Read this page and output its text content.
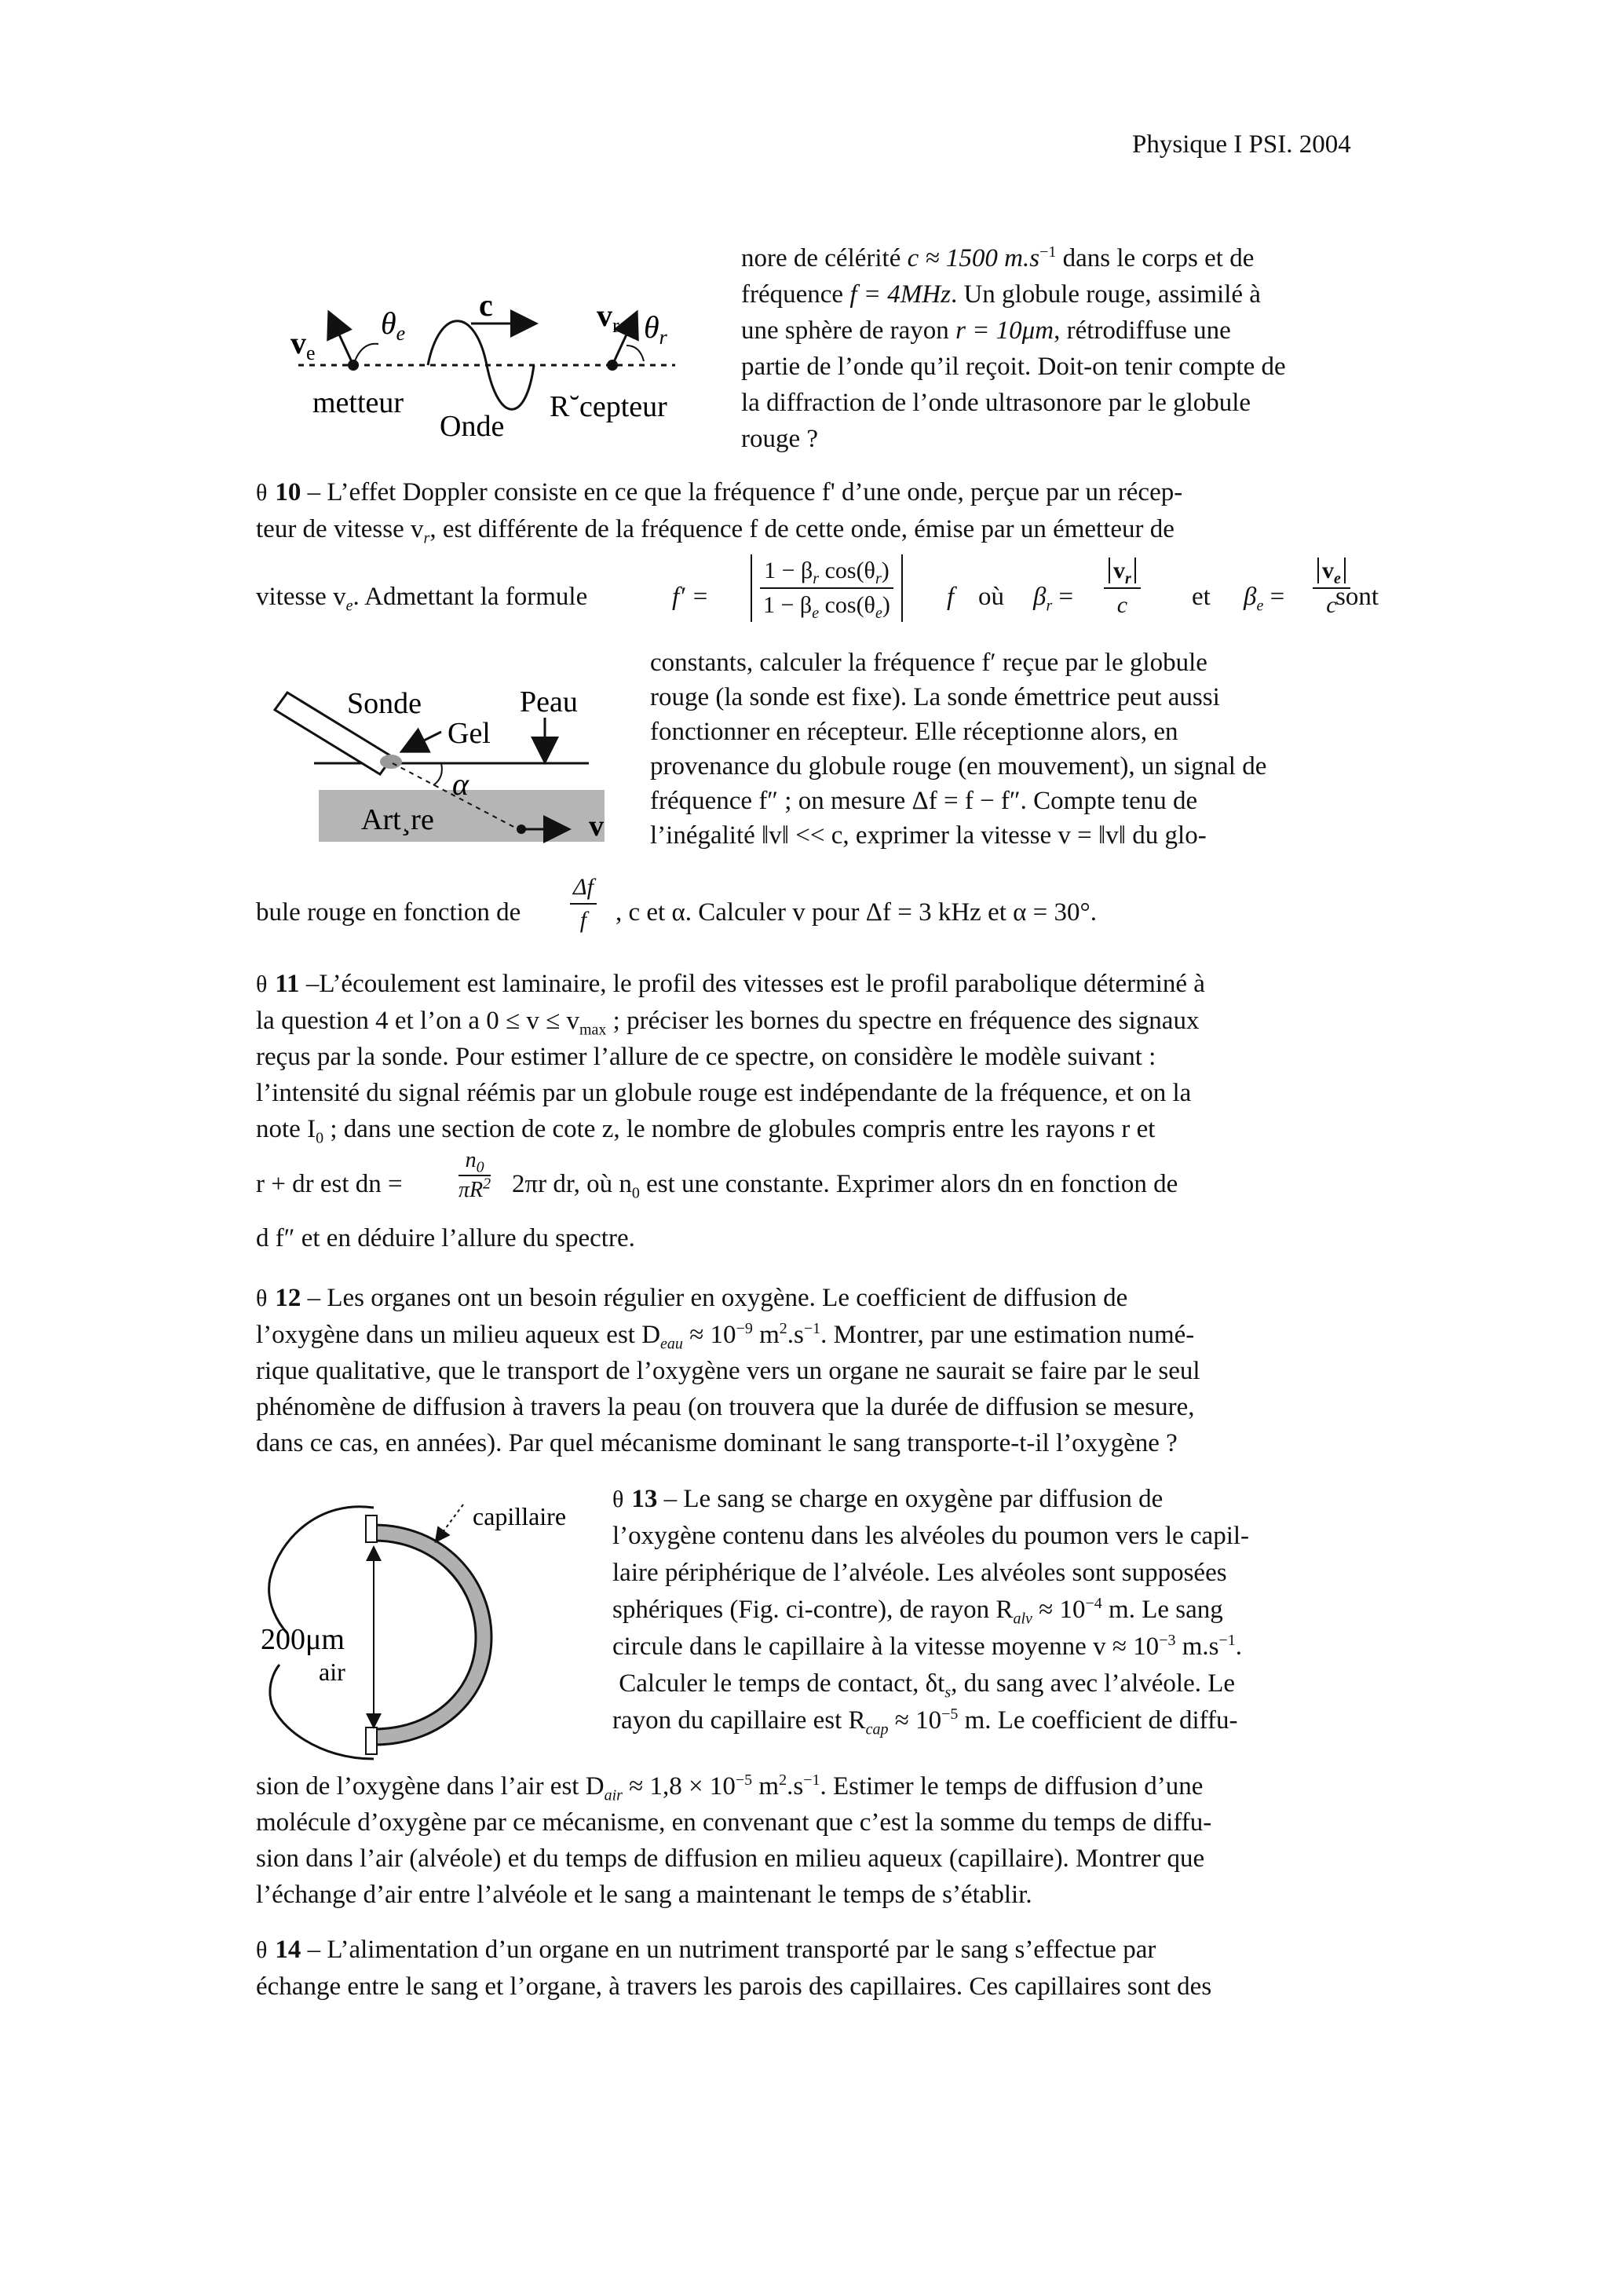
Physique I PSI. 2004
$v_e$
$\theta_e$
c	$v_r$ $\theta_r$
metteur
Onde
R˘cepteur
nore de célérité c ≈ 1500 $m.s^{-1}$ dans le corps et de
fréquence f = 4MHz. Un globule rouge, assimilé à
une sphère de rayon r = 10μm, rétrodiffuse une
partie de l’onde qu’il reçoit. Doit-on tenir compte de
la diffraction de l’onde ultrasonore par le globule
rouge ?
θ 10 – L’effet Doppler consiste en ce que la fréquence f' d’une onde, perçue par un récep-
teur de vitesse $v_r$, est différente de la fréquence f de cette onde, émise par un émetteur de
vitesse $v_e$. Admettant la formule	f′ =
$1 - \beta_r$ $\cos(\theta_r)$
$1 - \beta_e$ $\cos(\theta_e)$ f où $\beta_r$ =
$v_r$
c	et $\beta_e$ =
$v_e$
c
sont
Sonde	Peau
Gel
α
Art¸re	v
constants, calculer la fréquence f′ reçue par le globule
rouge (la sonde est fixe). La sonde émettrice peut aussi
fonctionner en récepteur. Elle réceptionne alors, en
provenance du globule rouge (en mouvement), un signal de
fréquence f″ ; on mesure Δf = f − f″. Compte tenu de
l’inégalité ‖v‖ << c, exprimer la vitesse v = ‖v‖ du glo-
bule rouge en fonction de
Δf
f	, c et α. Calculer v pour Δf = 3 kHz et α = 30°.
θ 11 –L’écoulement est laminaire, le profil des vitesses est le profil parabolique déterminé à
la question 4 et l’on a $0 \le v \le v_{max}$ ; préciser les bornes du spectre en fréquence des signaux
reçus par la sonde. Pour estimer l’allure de ce spectre, on considère le modèle suivant :
l’intensité du signal réémis par un globule rouge est indépendante de la fréquence, et on la
note $I_0$ ; dans une section de cote z, le nombre de globules compris entre les rayons r et
r + dr est dn =
$n_0$
$\pi R^2$ 2πr dr, où $n_0$ est une constante. Exprimer alors dn en fonction de
d f″ et en déduire l’allure du spectre.
θ 12 – Les organes ont un besoin régulier en oxygène. Le coefficient de diffusion de
l’oxygène dans un milieu aqueux est $D_{eau} \approx 10^{-9}$ $m^2.s^{-1}$. Montrer, par une estimation numé-
rique qualitative, que le transport de l’oxygène vers un organe ne saurait se faire par le seul
phénomène de diffusion à travers la peau (on trouvera que la durée de diffusion se mesure,
dans ce cas, en années). Par quel mécanisme dominant le sang transporte-t-il l’oxygène ?
capillaire
200μm
air
θ 13 – Le sang se charge en oxygène par diffusion de
l’oxygène contenu dans les alvéoles du poumon vers le capil-
laire périphérique de l’alvéole. Les alvéoles sont supposées
sphériques (Fig. ci-contre), de rayon $R_{alv} \approx 10^{-4}$ m. Le sang
circule dans le capillaire à la vitesse moyenne $v \approx 10^{-3}$ $m.s^{-1}$.
Calculer le temps de contact, $\delta t_s$, du sang avec l’alvéole. Le
rayon du capillaire est $R_{cap} \approx 10^{-5}$ m. Le coefficient de diffu-
sion de l’oxygène dans l’air est $D_{air} \approx 1,8 \times 10^{-5}$ $m^2.s^{-1}$. Estimer le temps de diffusion d’une
molécule d’oxygène par ce mécanisme, en convenant que c’est la somme du temps de diffu-
sion dans l’air (alvéole) et du temps de diffusion en milieu aqueux (capillaire). Montrer que
l’échange d’air entre l’alvéole et le sang a maintenant le temps de s’établir.
θ 14 – L’alimentation d’un organe en un nutriment transporté par le sang s’effectue par
échange entre le sang et l’organe, à travers les parois des capillaires. Ces capillaires sont des
